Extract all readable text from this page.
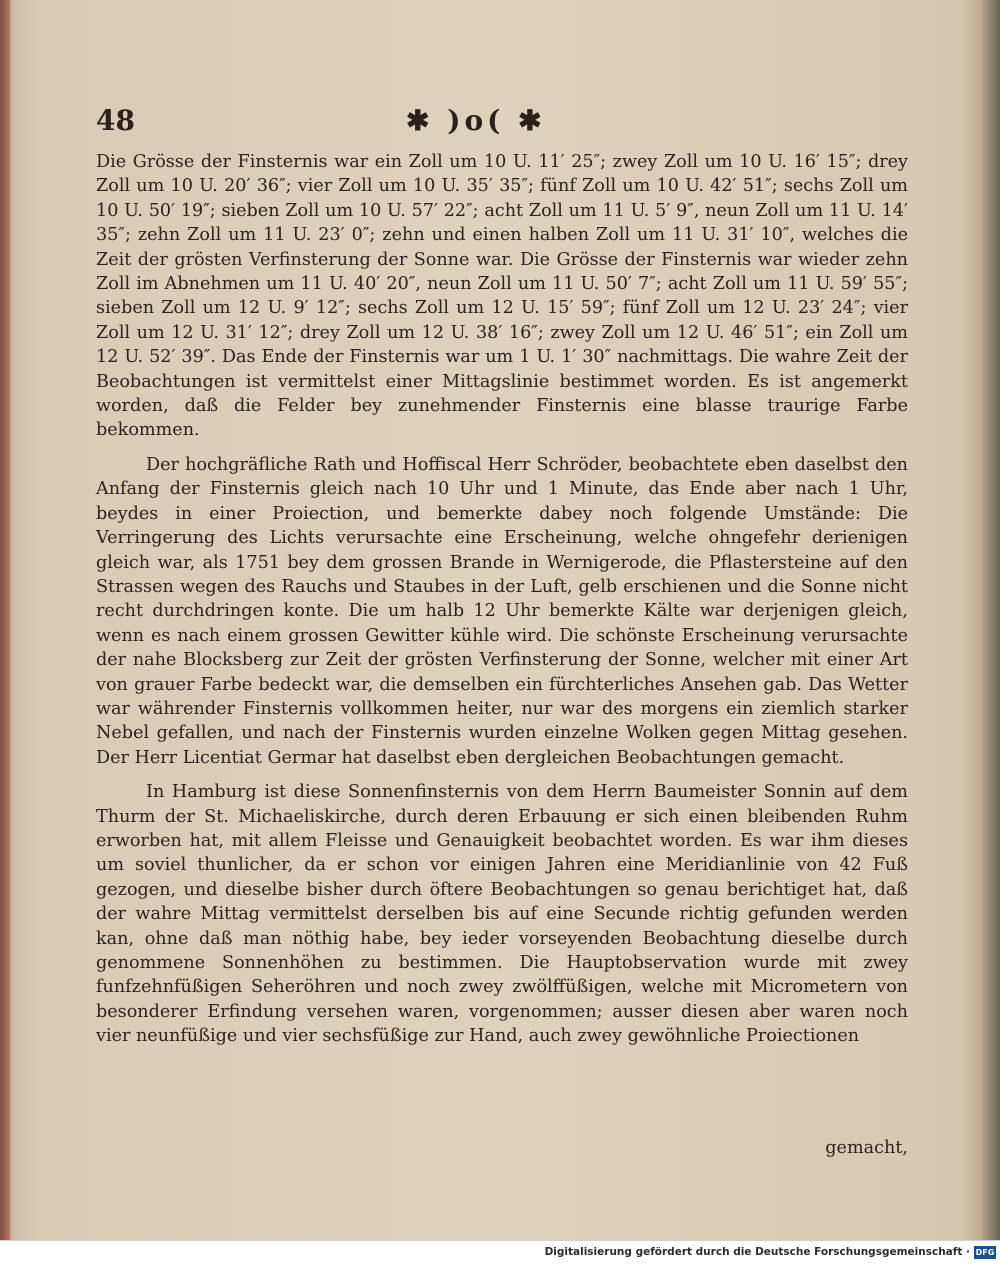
48	✱ )o( ✱

Die Grösse der Finsternis war ein Zoll um 10 U. 11′ 25″; zwey Zoll um 10 U. 16′ 15″; drey Zoll um 10 U. 20′ 36″; vier Zoll um 10 U. 35′ 35″; fünf Zoll um 10 U. 42′ 51″; sechs Zoll um 10 U. 50′ 19″; sieben Zoll um 10 U. 57′ 22″; acht Zoll um 11 U. 5′ 9″, neun Zoll um 11 U. 14′ 35″; zehn Zoll um 11 U. 23′ 0″; zehn und einen halben Zoll um 11 U. 31′ 10″, welches die Zeit der grösten Verfinsterung der Sonne war. Die Grösse der Finsternis war wieder zehn Zoll im Abnehmen um 11 U. 40′ 20″, neun Zoll um 11 U. 50′ 7″; acht Zoll um 11 U. 59′ 55″; sieben Zoll um 12 U. 9′ 12″; sechs Zoll um 12 U. 15′ 59″; fünf Zoll um 12 U. 23′ 24″; vier Zoll um 12 U. 31′ 12″; drey Zoll um 12 U. 38′ 16″; zwey Zoll um 12 U. 46′ 51″; ein Zoll um 12 U. 52′ 39″. Das Ende der Finsternis war um 1 U. 1′ 30″ nachmittags. Die wahre Zeit der Beobachtungen ist vermittelst einer Mittagslinie bestimmet worden. Es ist angemerkt worden, daß die Felder bey zunehmender Finsternis eine blasse traurige Farbe bekommen.

Der hochgräfliche Rath und Hoffiscal Herr Schröder, beobachtete eben daselbst den Anfang der Finsternis gleich nach 10 Uhr und 1 Minute, das Ende aber nach 1 Uhr, beydes in einer Proiection, und bemerkte dabey noch folgende Umstände: Die Verringerung des Lichts verursachte eine Erscheinung, welche ohngefehr derienigen gleich war, als 1751 bey dem grossen Brande in Wernigerode, die Pflastersteine auf den Strassen wegen des Rauchs und Staubes in der Luft, gelb erschienen und die Sonne nicht recht durchdringen konte. Die um halb 12 Uhr bemerkte Kälte war derjenigen gleich, wenn es nach einem grossen Gewitter kühle wird. Die schönste Erscheinung verursachte der nahe Blocksberg zur Zeit der grösten Verfinsterung der Sonne, welcher mit einer Art von grauer Farbe bedeckt war, die demselben ein fürchterliches Ansehen gab. Das Wetter war währender Finsternis vollkommen heiter, nur war des morgens ein ziemlich starker Nebel gefallen, und nach der Finsternis wurden einzelne Wolken gegen Mittag gesehen. Der Herr Licentiat Germar hat daselbst eben dergleichen Beobachtungen gemacht.

In Hamburg ist diese Sonnenfinsternis von dem Herrn Baumeister Sonnin auf dem Thurm der St. Michaeliskirche, durch deren Erbauung er sich einen bleibenden Ruhm erworben hat, mit allem Fleisse und Genauigkeit beobachtet worden. Es war ihm dieses um soviel thunlicher, da er schon vor einigen Jahren eine Meridianlinie von 42 Fuß gezogen, und dieselbe bisher durch öftere Beobachtungen so genau berichtiget hat, daß der wahre Mittag vermittelst derselben bis auf eine Secunde richtig gefunden werden kan, ohne daß man nöthig habe, bey ieder vorseyenden Beobachtung dieselbe durch genommene Sonnenhöhen zu bestimmen. Die Hauptobservation wurde mit zwey funfzehnfüßigen Seheröhren und noch zwey zwölffüßigen, welche mit Micrometern von besonderer Erfindung versehen waren, vorgenommen; ausser diesen aber waren noch vier neunfüßige und vier sechsfüßige zur Hand, auch zwey gewöhnliche Proiectionen

gemacht,
Digitalisierung gefördert durch die Deutsche Forschungsgemeinschaft · DFG
